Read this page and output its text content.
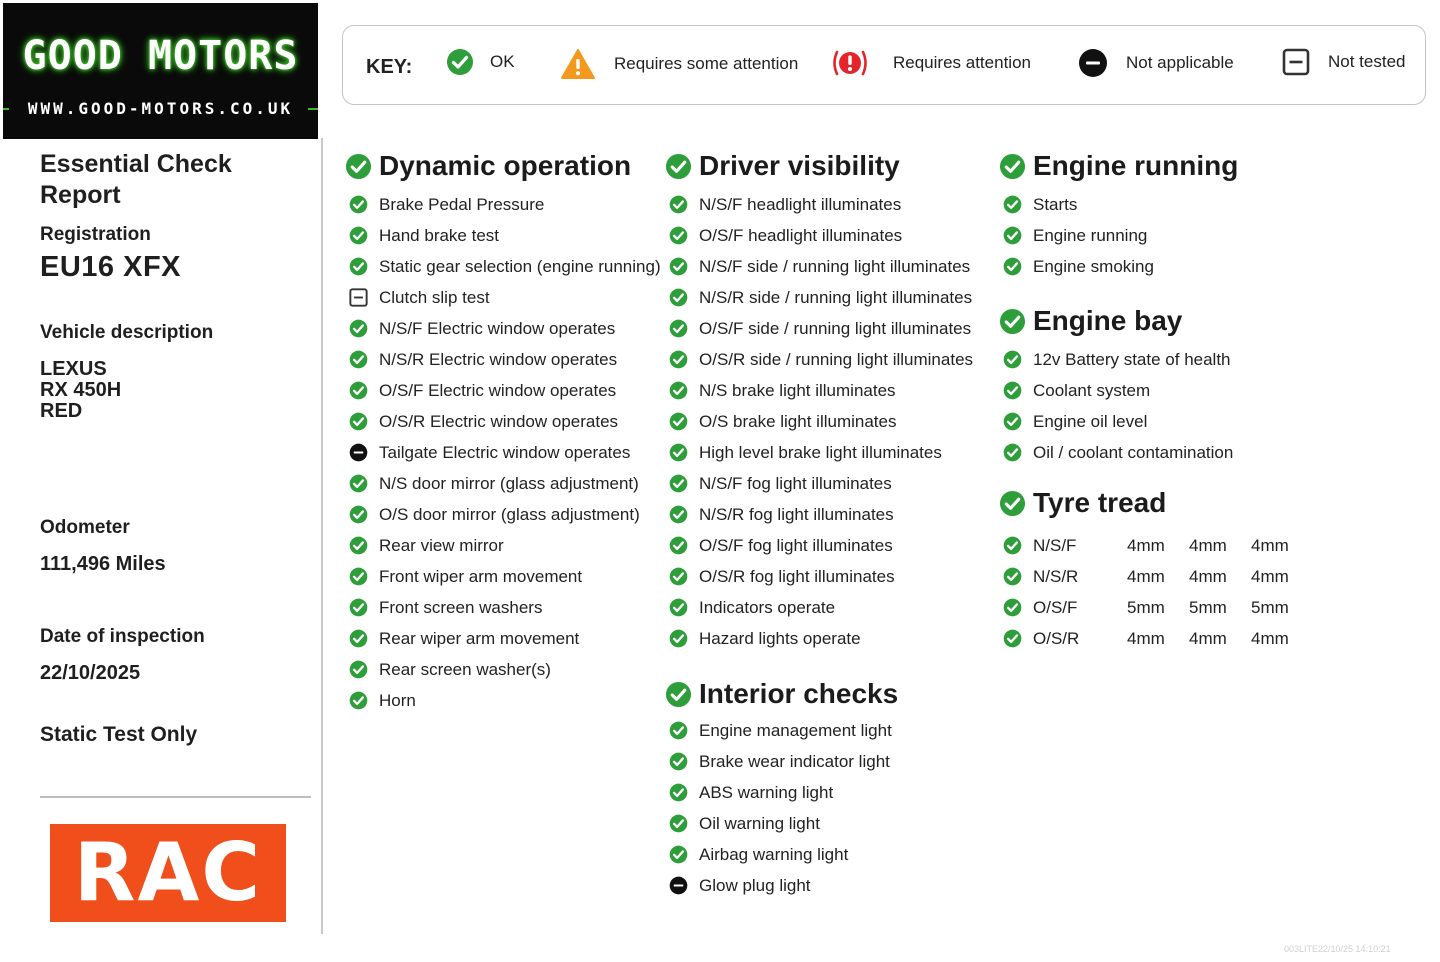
GOOD MOTORS
WWW.GOOD-MOTORS.CO.UK
Essential Check
Report
Registration
EU16 XFX
Vehicle description
LEXUS
RX 450H
RED
Odometer
111,496 Miles
Date of inspection
22/10/2025
Static Test Only
RAC
KEY:	OK	Requires some attention	Requires attention	Not applicable	Not tested
Dynamic operation Driver visibility
Interior checks
Engine running
Engine bay
Tyre tread
Brake Pedal Pressure
Hand brake test
Static gear selection (engine running)
Clutch slip test
N/S/F Electric window operates
N/S/R Electric window operates
O/S/F Electric window operates
O/S/R Electric window operates
Tailgate Electric window operates
N/S door mirror (glass adjustment)
O/S door mirror (glass adjustment)
Rear view mirror
Front wiper arm movement
Front screen washers
Rear wiper arm movement
Rear screen washer(s)
Horn
N/S/F headlight illuminates
O/S/F headlight illuminates
N/S/F side / running light illuminates
N/S/R side / running light illuminates
O/S/F side / running light illuminates
O/S/R side / running light illuminates
N/S brake light illuminates
O/S brake light illuminates
High level brake light illuminates
N/S/F fog light illuminates
N/S/R fog light illuminates
O/S/F fog light illuminates
O/S/R fog light illuminates
Indicators operate
Hazard lights operate
Engine management light
Brake wear indicator light
ABS warning light
Oil warning light
Airbag warning light
Glow plug light
Starts
Engine running
Engine smoking
12v Battery state of health
Coolant system
Engine oil level
Oil / coolant contamination
N/S/F	4mm	4mm	4mm
N/S/R	4mm	4mm	4mm
O/S/F	5mm	5mm	5mm
O/S/R	4mm	4mm	4mm
003LITE22/10/25 14:10:21
